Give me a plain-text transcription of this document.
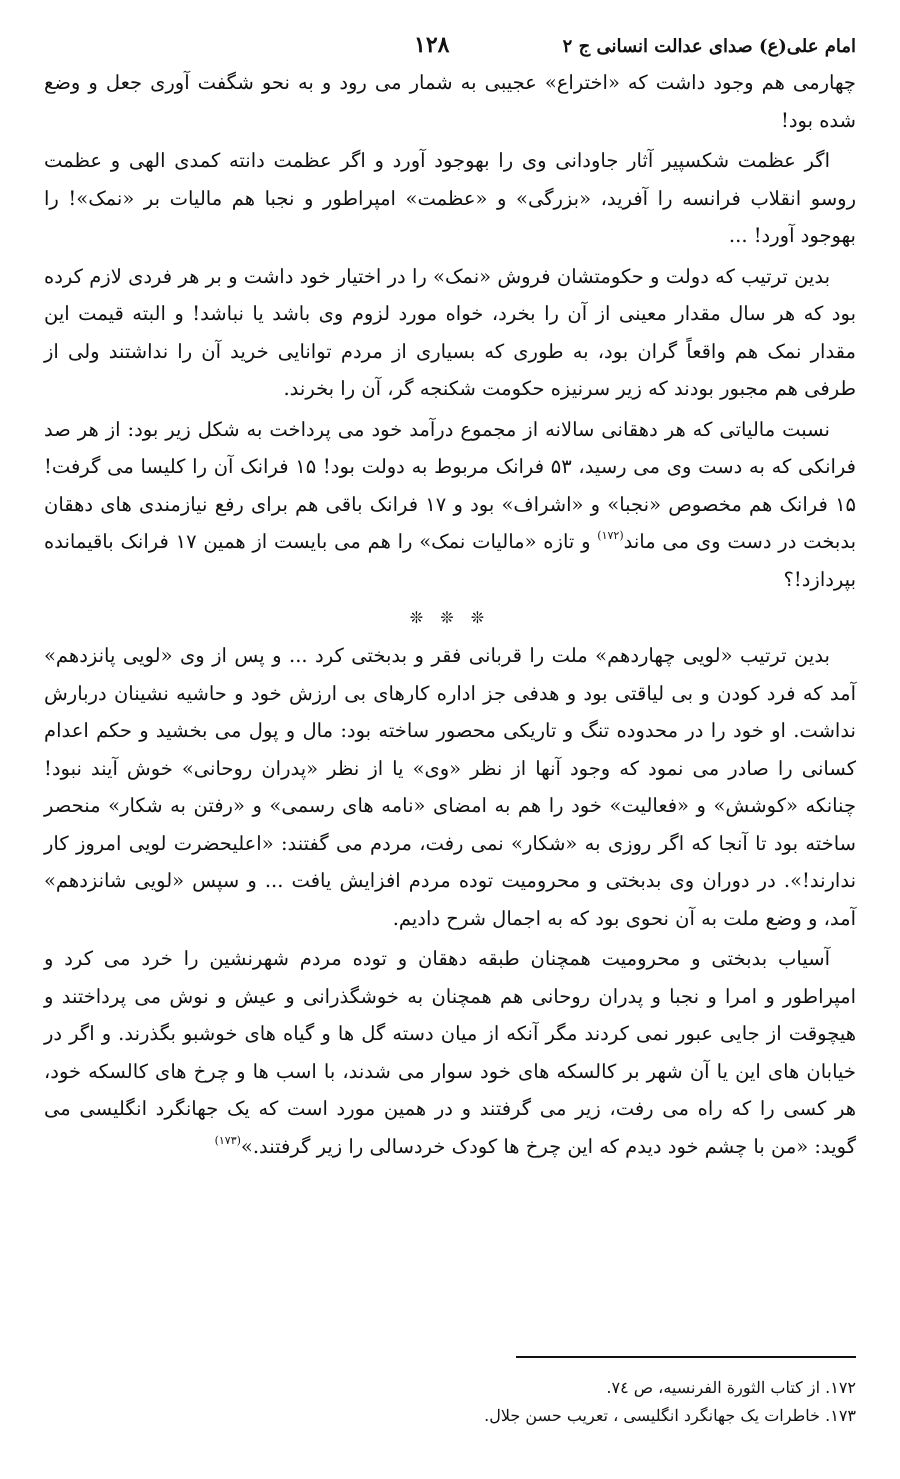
امام علی(ع) صدای عدالت انسانی ج ۲
۱۲۸

چهارمی هم وجود داشت که «اختراع» عجیبی به شمار می رود و به نحو شگفت آوری جعل و وضع شده بود!

اگر عظمت شکسپیر آثار جاودانی وی را بهوجود آورد و اگر عظمت دانته کمدی الهی و عظمت روسو انقلاب فرانسه را آفرید، «بزرگی» و «عظمت» امپراطور و نجبا هم مالیات بر «نمک»! را بهوجود آورد! ...

بدین ترتیب که دولت و حکومتشان فروش «نمک» را در اختیار خود داشت و بر هر فردی لازم کرده بود که هر سال مقدار معینی از آن را بخرد، خواه مورد لزوم وی باشد یا نباشد! و البته قیمت این مقدار نمک هم واقعاً گران بود، به طوری که بسیاری از مردم توانایی خرید آن را نداشتند ولی از طرفی هم مجبور بودند که زیر سرنیزه حکومت شکنجه گر، آن را بخرند.

نسبت مالیاتی که هر دهقانی سالانه از مجموع درآمد خود می پرداخت به شکل زیر بود: از هر صد فرانکی که به دست وی می رسید، ۵۳ فرانک مربوط به دولت بود! ۱۵ فرانک آن را کلیسا می گرفت! ۱۵ فرانک هم مخصوص «نجبا» و «اشراف» بود و ۱۷ فرانک باقی هم برای رفع نیازمندی های دهقان بدبخت در دست وی می ماند$^{(۱۷۲)}$ و تازه «مالیات نمک» را هم می بایست از همین ۱۷ فرانک باقیمانده بپردازد!؟

❊ ❊ ❊

بدین ترتیب «لویی چهاردهم» ملت را قربانی فقر و بدبختی کرد ... و پس از وی «لویی پانزدهم» آمد که فرد کودن و بی لیاقتی بود و هدفی جز اداره کارهای بی ارزش خود و حاشیه نشینان دربارش نداشت. او خود را در محدوده تنگ و تاریکی محصور ساخته بود: مال و پول می بخشید و حکم اعدام کسانی را صادر می نمود که وجود آنها از نظر «وی» یا از نظر «پدران روحانی» خوش آیند نبود! چنانکه «کوشش» و «فعالیت» خود را هم به امضای «نامه های رسمی» و «رفتن به شکار» منحصر ساخته بود تا آنجا که اگر روزی به «شکار» نمی رفت، مردم می گفتند: «اعلیحضرت لویی امروز کار ندارند!». در دوران وی بدبختی و محرومیت توده مردم افزایش یافت ... و سپس «لویی شانزدهم» آمد، و وضع ملت به آن نحوی بود که به اجمال شرح دادیم.

آسیاب بدبختی و محرومیت همچنان طبقه دهقان و توده مردم شهرنشین را خرد می کرد و امپراطور و امرا و نجبا و پدران روحانی هم همچنان به خوشگذرانی و عیش و نوش می پرداختند و هیچوقت از جایی عبور نمی کردند مگر آنکه از میان دسته گل ها و گیاه های خوشبو بگذرند. و اگر در خیابان های این یا آن شهر بر کالسکه های خود سوار می شدند، با اسب ها و چرخ های کالسکه خود، هر کسی را که راه می رفت، زیر می گرفتند و در همین مورد است که یک جهانگرد انگلیسی می گوید: «من با چشم خود دیدم که این چرخ ها کودک خردسالی را زیر گرفتند.»$^{(۱۷۳)}$

۱۷۲. از کتاب الثورة الفرنسیه، ص ۷٤.
۱۷۳. خاطرات یک جهانگرد انگلیسی ، تعریب حسن جلال.
